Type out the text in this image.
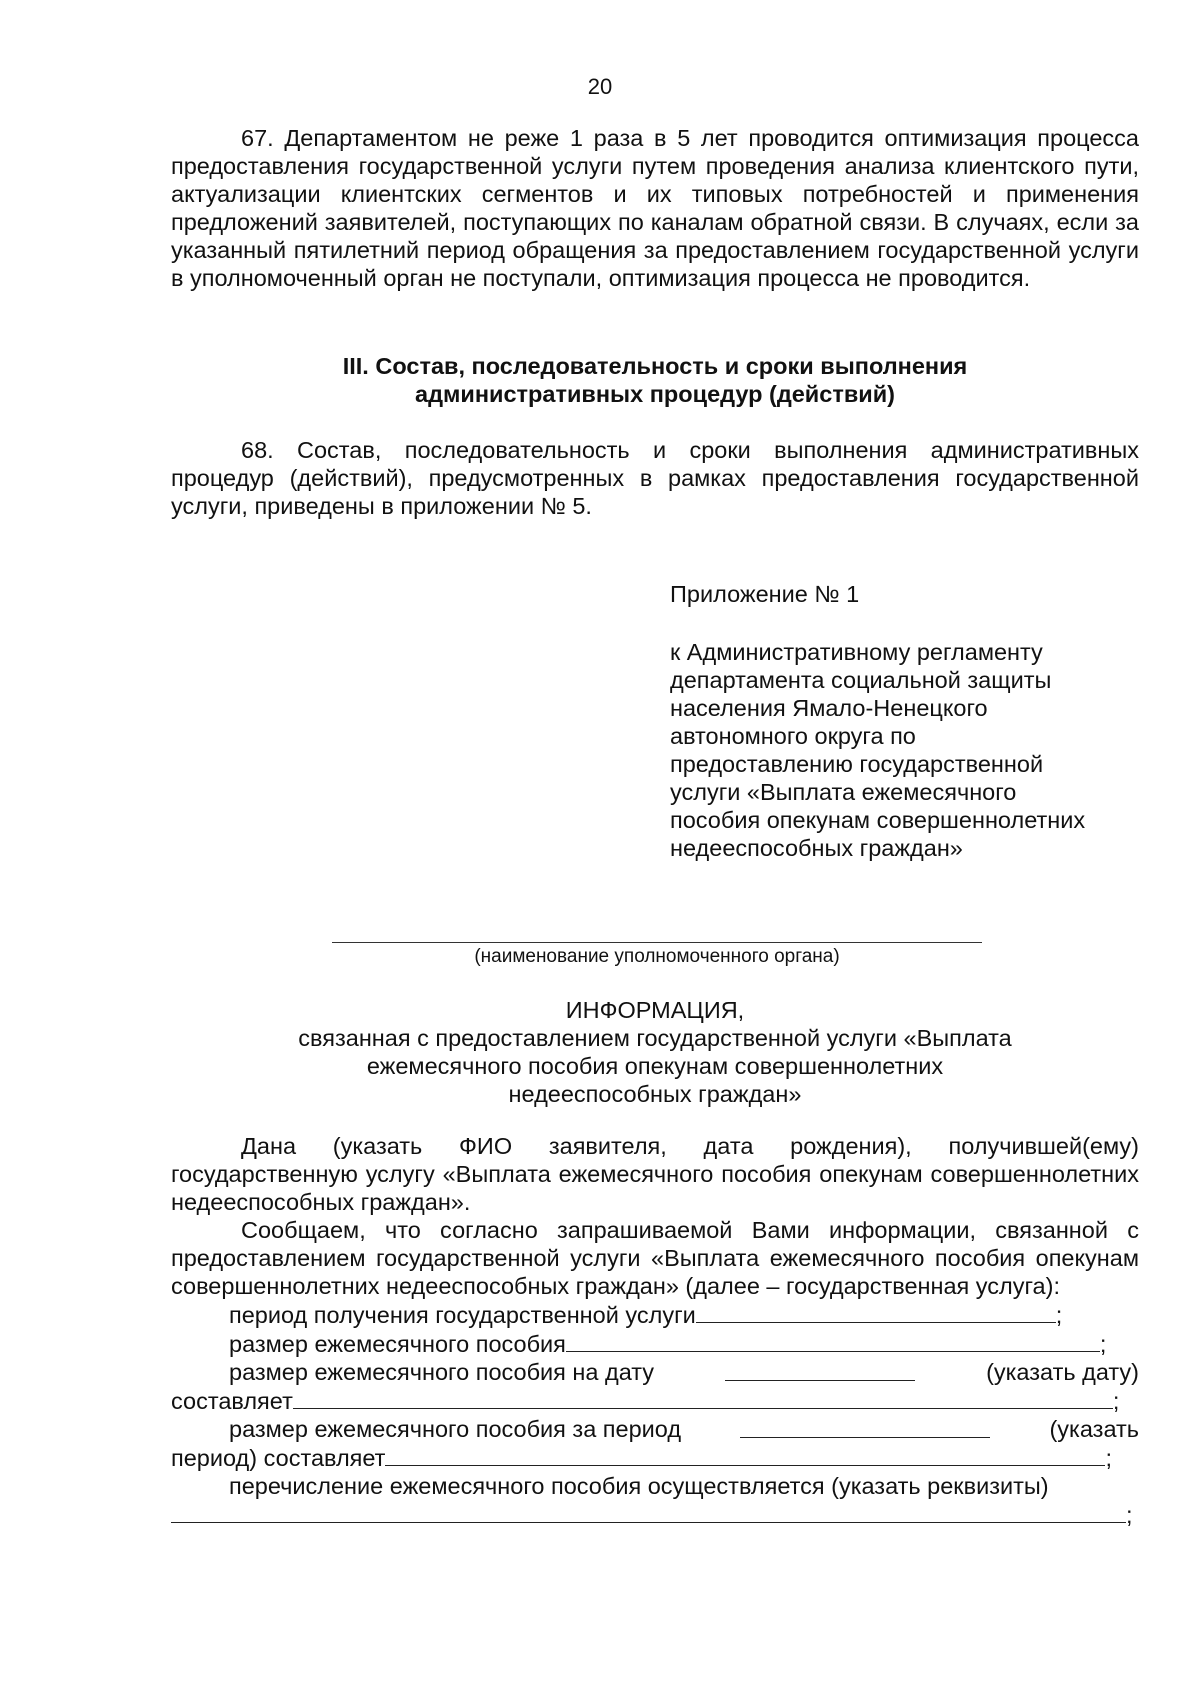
20
67. Департаментом не реже 1 раза в 5 лет проводится оптимизация процесса предоставления государственной услуги путем проведения анализа клиентского пути, актуализации клиентских сегментов и их типовых потребностей и применения предложений заявителей, поступающих по каналам обратной связи. В случаях, если за указанный пятилетний период обращения за предоставлением государственной услуги в уполномоченный орган не поступали, оптимизация процесса не проводится.
III. Состав, последовательность и сроки выполнения
административных процедур (действий)
68. Состав, последовательность и сроки выполнения административных процедур (действий), предусмотренных в рамках предоставления государственной услуги, приведены в приложении № 5.
Приложение № 1
к Административному регламенту
департамента социальной защиты
населения Ямало-Ненецкого
автономного округа по
предоставлению государственной
услуги «Выплата ежемесячного
пособия опекунам совершеннолетних
недееспособных граждан»
(наименование уполномоченного органа)
ИНФОРМАЦИЯ,
связанная с предоставлением государственной услуги «Выплата
ежемесячного пособия опекунам совершеннолетних
недееспособных граждан»
Дана (указать ФИО заявителя, дата рождения), получившей(ему) государственную услугу «Выплата ежемесячного пособия опекунам совершеннолетних недееспособных граждан».
Сообщаем, что согласно запрашиваемой Вами информации, связанной с предоставлением государственной услуги «Выплата ежемесячного пособия опекунам совершеннолетних недееспособных граждан» (далее – государственная услуга):
период получения государственной услуги	;
размер ежемесячного пособия	;
размер ежемесячного пособия на дату	(указать дату)
составляет	;
размер ежемесячного пособия за период	(указать
период) составляет	;
перечисление ежемесячного пособия осуществляется (указать реквизиты)
;
